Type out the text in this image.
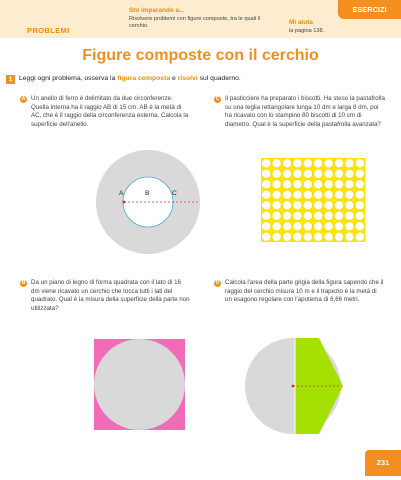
PROBLEMI
Sto imparando a...
Risolvere problemi con figure composte, tra le quali il cerchio.
Mi aiuta
la pagina 138.
ESERCIZI
Figure composte con il cerchio
1 Leggi ogni problema, osserva la figura composta e risolvi sul quaderno.
A Un anello di ferro è delimitato da due circonferenze. Quella interna ha il raggio AB di 15 cm. AB è la metà di AC, che è il raggio della circonferenza esterna. Calcola la superficie dell'anello.
C Il pasticciere ha preparato i biscotti. Ha steso la pastafrolla su una teglia rettangolare lunga 10 dm e larga 8 dm, poi ha ricavato con lo stampino 80 biscotti di 10 cm di diametro. Qual è la superficie della pastafrolla avanzata?
A	B	C
B Da un piano di legno di forma quadrata con il lato di 16 dm viene ricavato un cerchio che tocca tutti i lati del quadrato. Qual è la misura della superficie della parte non utilizzata?
D Calcola l'area della parte grigia della figura sapendo che il raggio del cerchio misura 10 m e il trapezio è la metà di un esagono regolare con l'apotema di 8,66 metri.
231
